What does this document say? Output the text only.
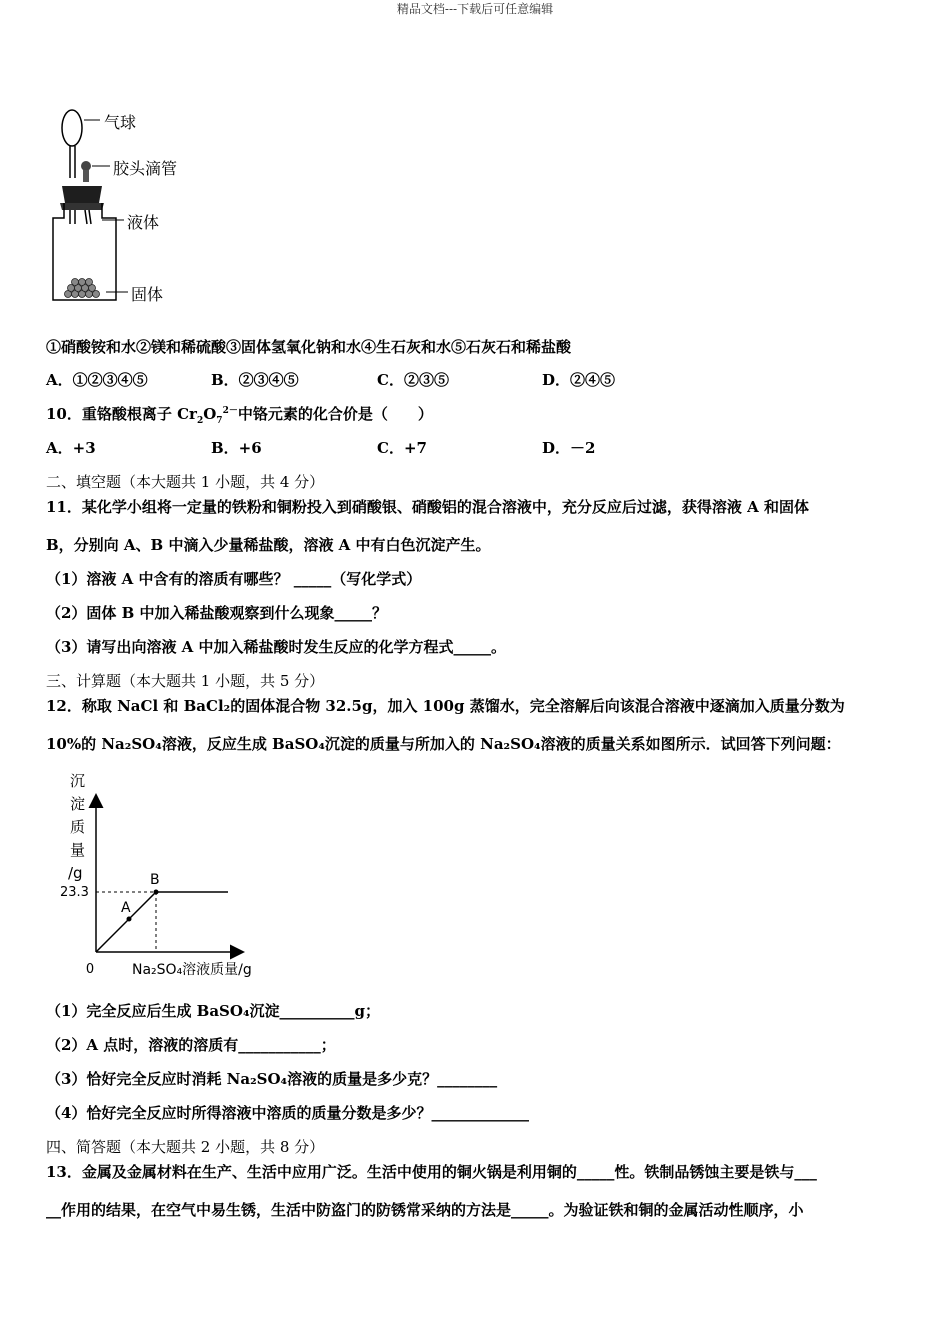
精品文档---下载后可任意编辑
气球
胶头滴管
液体
固体
①硝酸铵和水②镁和稀硫酸③固体氢氧化钠和水④生石灰和水⑤石灰石和稀盐酸
A．①②③④⑤	B．②③④⑤	C．②③⑤	D．②④⑤
10．重铬酸根离子 $Cr_2O_7^{2-}$中铬元素的化合价是（　　）
A．+3	B．+6	C．+7	D．－2
二、填空题（本大题共 1 小题，共 4 分）
11．某化学小组将一定量的铁粉和铜粉投入到硝酸银、硝酸铝的混合溶液中，充分反应后过滤，获得溶液 A 和固体
B，分别向 A、B 中滴入少量稀盐酸，溶液 A 中有白色沉淀产生。
（1）溶液 A 中含有的溶质有哪些？ _____（写化学式）
（2）固体 B 中加入稀盐酸观察到什么现象_____？
（3）请写出向溶液 A 中加入稀盐酸时发生反应的化学方程式_____。
三、计算题（本大题共 1 小题，共 5 分）
12．称取 NaCl 和 BaCl₂的固体混合物 32.5g，加入 100g 蒸馏水，完全溶解后向该混合溶液中逐滴加入质量分数为
10%的 Na₂SO₄溶液，反应生成 BaSO₄沉淀的质量与所加入的 Na₂SO₄溶液的质量关系如图所示．试回答下列问题：
沉
淀
质
量
/g
A
B
0
23.3
Na₂SO₄溶液质量/g
（1）完全反应后生成 BaSO₄沉淀__________g；
（2）A 点时，溶液的溶质有___________；
（3）恰好完全反应时消耗 Na₂SO₄溶液的质量是多少克？________
（4）恰好完全反应时所得溶液中溶质的质量分数是多少？_____________
四、简答题（本大题共 2 小题，共 8 分）
13．金属及金属材料在生产、生活中应用广泛。生活中使用的铜火锅是利用铜的_____性。铁制品锈蚀主要是铁与___
__作用的结果，在空气中易生锈，生活中防盗门的防锈常采纳的方法是_____。为验证铁和铜的金属活动性顺序，小
